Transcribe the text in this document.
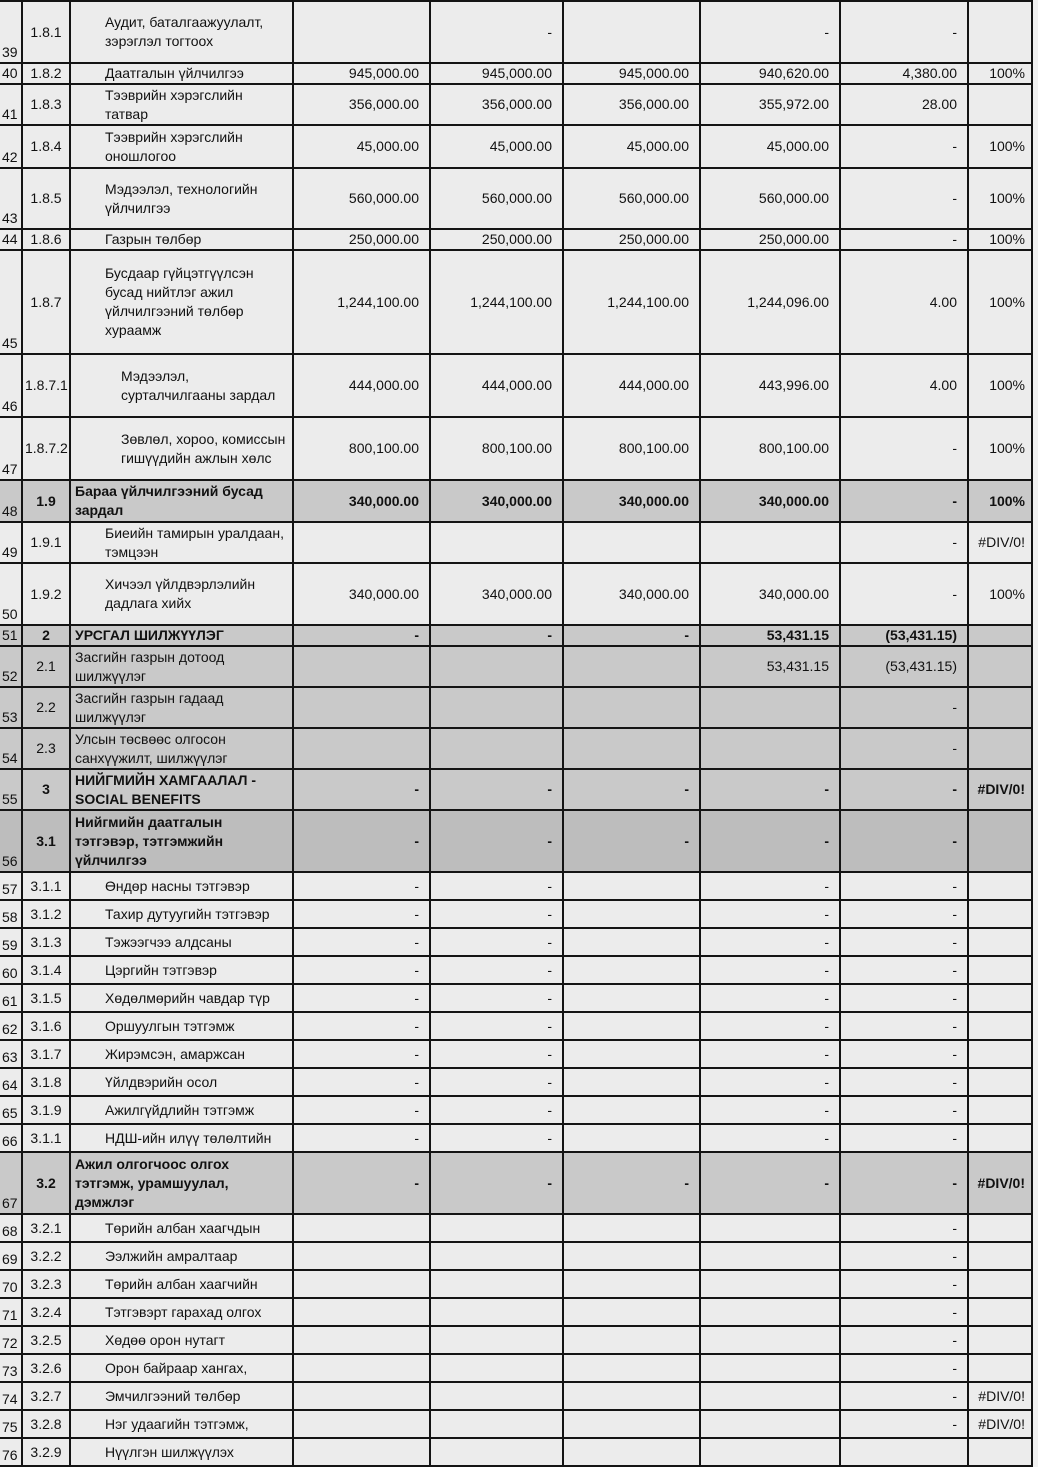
39	1.8.1	Аудит, баталгаажуулалт, зэрэглэл тогтоох		-		-	-	
40	1.8.2	Даатгалын үйлчилгээ	945,000.00	945,000.00	945,000.00	940,620.00	4,380.00	100%
41	1.8.3	Тээврийн хэрэгслийн татвар	356,000.00	356,000.00	356,000.00	355,972.00	28.00	
42	1.8.4	Тээврийн хэрэгслийн оношлогоо	45,000.00	45,000.00	45,000.00	45,000.00	-	100%
43	1.8.5	Мэдээлэл, технологийн үйлчилгээ	560,000.00	560,000.00	560,000.00	560,000.00	-	100%
44	1.8.6	Газрын төлбөр	250,000.00	250,000.00	250,000.00	250,000.00	-	100%
45	1.8.7	Бусдаар гүйцэтгүүлсэн бусад нийтлэг ажил үйлчилгээний төлбөр хураамж	1,244,100.00	1,244,100.00	1,244,100.00	1,244,096.00	4.00	100%
46	1.8.7.1	Мэдээлэл, сурталчилгааны зардал	444,000.00	444,000.00	444,000.00	443,996.00	4.00	100%
47	1.8.7.2	Зөвлөл, хороо, комиссын гишүүдийн ажлын хөлс	800,100.00	800,100.00	800,100.00	800,100.00	-	100%
48	1.9	Бараа үйлчилгээний бусад зардал	340,000.00	340,000.00	340,000.00	340,000.00	-	100%
49	1.9.1	Биеийн тамирын уралдаан, тэмцээн					-	#DIV/0!
50	1.9.2	Хичээл үйлдвэрлэлийн дадлага хийх	340,000.00	340,000.00	340,000.00	340,000.00	-	100%
51	2	УРСГАЛ ШИЛЖҮҮЛЭГ	-	-	-	53,431.15	(53,431.15)	
52	2.1	Засгийн газрын дотоод шилжүүлэг				53,431.15	(53,431.15)	
53	2.2	Засгийн газрын гадаад шилжүүлэг					-	
54	2.3	Улсын төсвөөс олгосон санхүүжилт, шилжүүлэг					-	
55	3	НИЙГМИЙН ХАМГААЛАЛ - SOCIAL BENEFITS	-	-	-	-	-	#DIV/0!
56	3.1	Нийгмийн даатгалын тэтгэвэр, тэтгэмжийн үйлчилгээ	-	-	-	-	-	
57	3.1.1	Өндөр насны тэтгэвэр	-	-		-	-	
58	3.1.2	Тахир дутуугийн тэтгэвэр	-	-		-	-	
59	3.1.3	Тэжээгчээ алдсаны	-	-		-	-	
60	3.1.4	Цэргийн тэтгэвэр	-	-		-	-	
61	3.1.5	Хөдөлмөрийн чавдар түр	-	-		-	-	
62	3.1.6	Оршуулгын тэтгэмж	-	-		-	-	
63	3.1.7	Жирэмсэн, амаржсан	-	-		-	-	
64	3.1.8	Үйлдвэрийн осол	-	-		-	-	
65	3.1.9	Ажилгүйдлийн тэтгэмж	-	-		-	-	
66	3.1.1	НДШ-ийн илүү төлөлтийн	-	-		-	-	
67	3.2	Ажил олгогчоос олгох тэтгэмж, урамшуулал, дэмжлэг	-	-	-	-	-	#DIV/0!
68	3.2.1	Төрийн албан хаагчдын					-	
69	3.2.2	Ээлжийн амралтаар					-	
70	3.2.3	Төрийн албан хаагчийн					-	
71	3.2.4	Тэтгэвэрт гарахад олгох					-	
72	3.2.5	Хөдөө орон нутагт					-	
73	3.2.6	Орон байраар хангах,					-	
74	3.2.7	Эмчилгээний төлбөр					-	#DIV/0!
75	3.2.8	Нэг удаагийн тэтгэмж,					-	#DIV/0!
76	3.2.9	Нүүлгэн шилжүүлэх						
